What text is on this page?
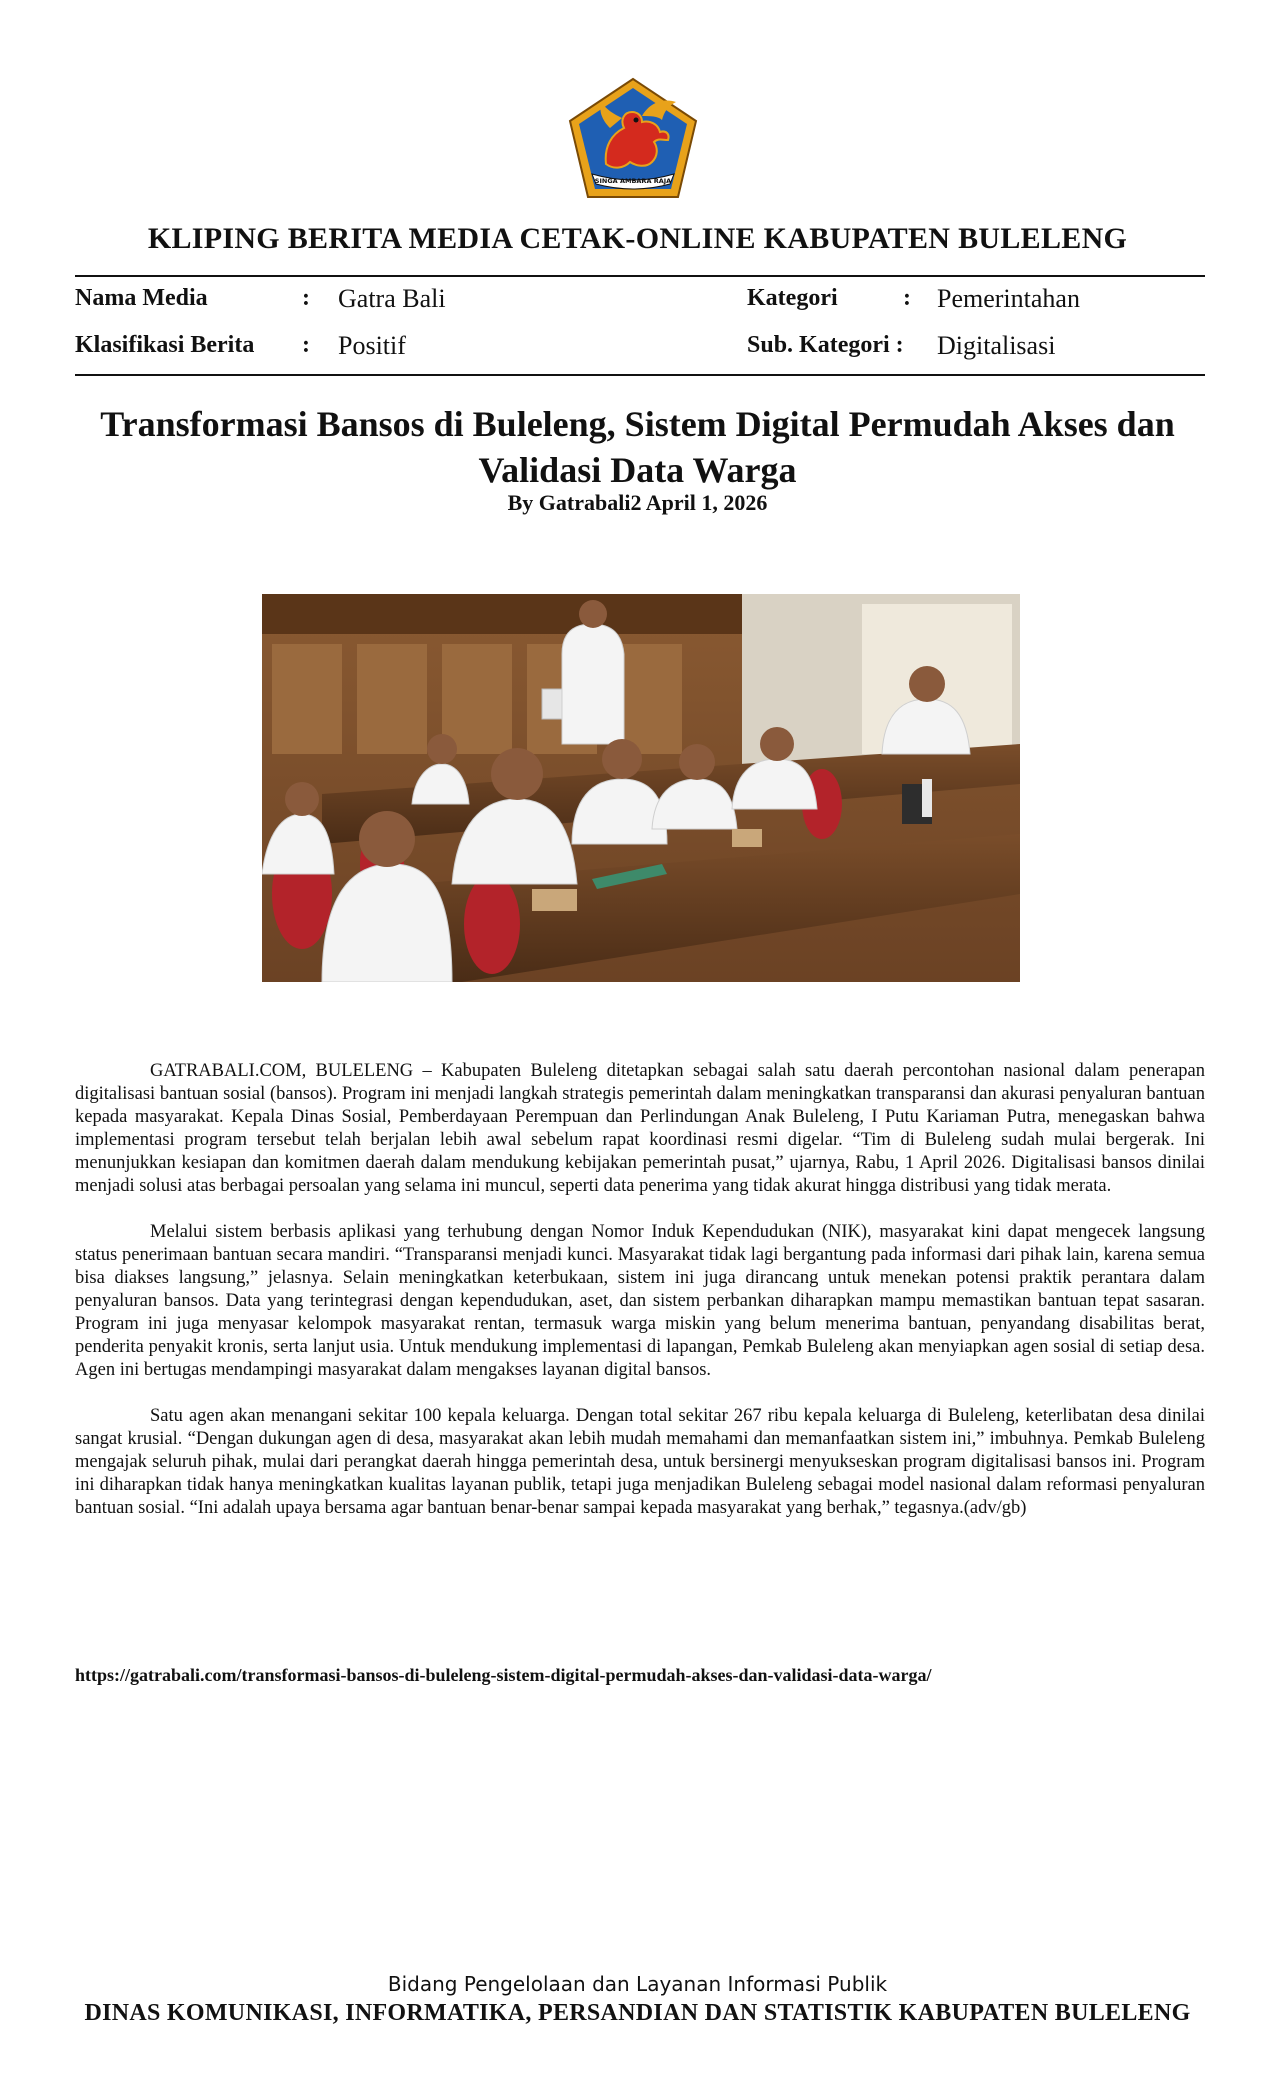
SINGA AMBARA RAJA
KLIPING BERITA MEDIA CETAK-ONLINE KABUPATEN BULELENG
Nama Media	: Gatra Bali
Klasifikasi Berita : Positif
Kategori	: Pemerintahan
Sub. Kategori : Digitalisasi
Transformasi Bansos di Buleleng, Sistem Digital Permudah Akses dan Validasi Data Warga
By Gatrabali2 April 1, 2026

GATRABALI.COM, BULELENG – Kabupaten Buleleng ditetapkan sebagai salah satu daerah percontohan nasional dalam penerapan digitalisasi bantuan sosial (bansos). Program ini menjadi langkah strategis pemerintah dalam meningkatkan transparansi dan akurasi penyaluran bantuan kepada masyarakat. Kepala Dinas Sosial, Pemberdayaan Perempuan dan Perlindungan Anak Buleleng, I Putu Kariaman Putra, menegaskan bahwa implementasi program tersebut telah berjalan lebih awal sebelum rapat koordinasi resmi digelar. “Tim di Buleleng sudah mulai bergerak. Ini menunjukkan kesiapan dan komitmen daerah dalam mendukung kebijakan pemerintah pusat,” ujarnya, Rabu, 1 April 2026. Digitalisasi bansos dinilai menjadi solusi atas berbagai persoalan yang selama ini muncul, seperti data penerima yang tidak akurat hingga distribusi yang tidak merata.

Melalui sistem berbasis aplikasi yang terhubung dengan Nomor Induk Kependudukan (NIK), masyarakat kini dapat mengecek langsung status penerimaan bantuan secara mandiri. “Transparansi menjadi kunci. Masyarakat tidak lagi bergantung pada informasi dari pihak lain, karena semua bisa diakses langsung,” jelasnya. Selain meningkatkan keterbukaan, sistem ini juga dirancang untuk menekan potensi praktik perantara dalam penyaluran bansos. Data yang terintegrasi dengan kependudukan, aset, dan sistem perbankan diharapkan mampu memastikan bantuan tepat sasaran. Program ini juga menyasar kelompok masyarakat rentan, termasuk warga miskin yang belum menerima bantuan, penyandang disabilitas berat, penderita penyakit kronis, serta lanjut usia. Untuk mendukung implementasi di lapangan, Pemkab Buleleng akan menyiapkan agen sosial di setiap desa. Agen ini bertugas mendampingi masyarakat dalam mengakses layanan digital bansos.

Satu agen akan menangani sekitar 100 kepala keluarga. Dengan total sekitar 267 ribu kepala keluarga di Buleleng, keterlibatan desa dinilai sangat krusial. “Dengan dukungan agen di desa, masyarakat akan lebih mudah memahami dan memanfaatkan sistem ini,” imbuhnya. Pemkab Buleleng mengajak seluruh pihak, mulai dari perangkat daerah hingga pemerintah desa, untuk bersinergi menyukseskan program digitalisasi bansos ini. Program ini diharapkan tidak hanya meningkatkan kualitas layanan publik, tetapi juga menjadikan Buleleng sebagai model nasional dalam reformasi penyaluran bantuan sosial. “Ini adalah upaya bersama agar bantuan benar-benar sampai kepada masyarakat yang berhak,” tegasnya.(adv/gb)

https://gatrabali.com/transformasi-bansos-di-buleleng-sistem-digital-permudah-akses-dan-validasi-data-warga/
Bidang Pengelolaan dan Layanan Informasi Publik
DINAS KOMUNIKASI, INFORMATIKA, PERSANDIAN DAN STATISTIK KABUPATEN BULELENG
